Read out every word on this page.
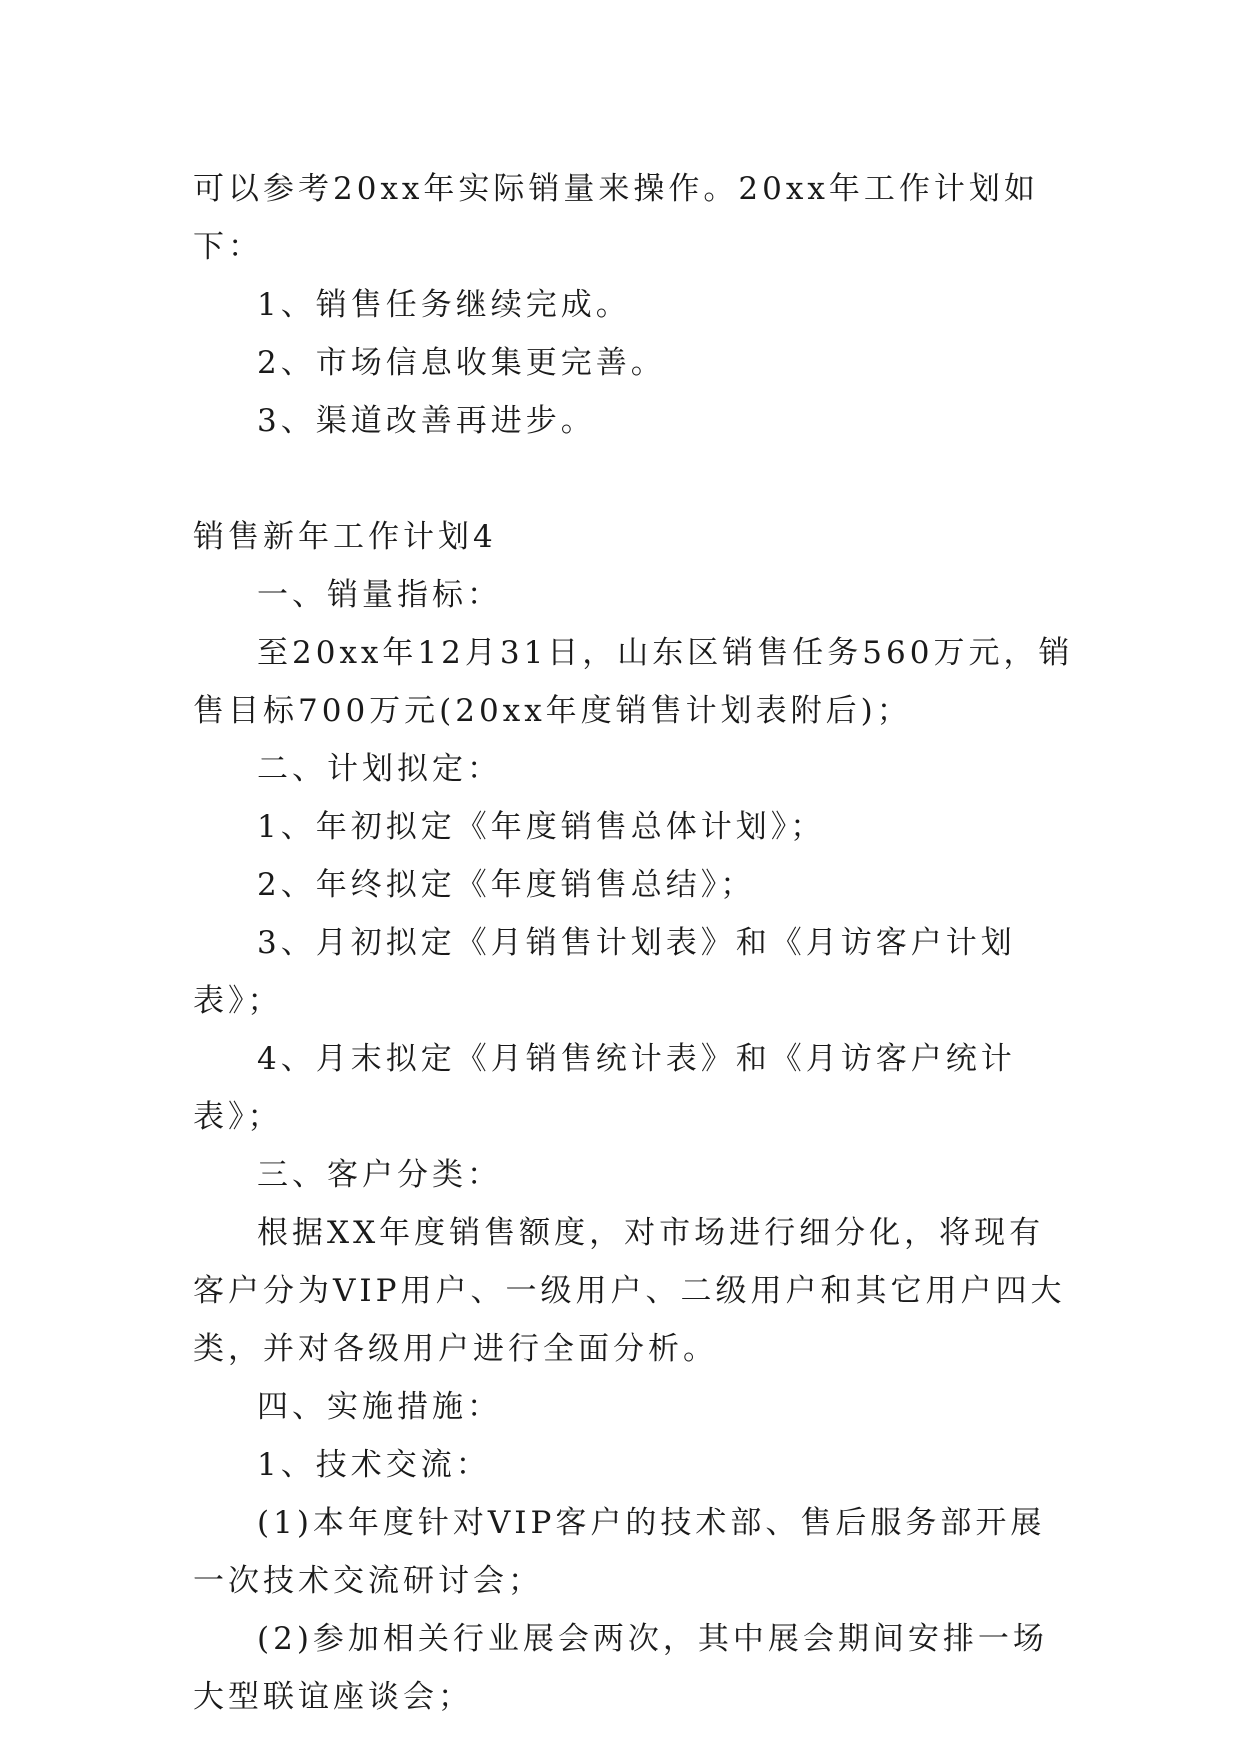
可以参考20xx年实际销量来操作。20xx年工作计划如下：

1、销售任务继续完成。

2、市场信息收集更完善。

3、渠道改善再进步。

销售新年工作计划4

一、销量指标：

至20xx年12月31日，山东区销售任务560万元，销售目标700万元(20xx年度销售计划表附后)；

二、计划拟定：

1、年初拟定《年度销售总体计划》；

2、年终拟定《年度销售总结》；

3、月初拟定《月销售计划表》和《月访客户计划表》；

4、月末拟定《月销售统计表》和《月访客户统计表》；

三、客户分类：

根据XX年度销售额度，对市场进行细分化，将现有客户分为VIP用户、一级用户、二级用户和其它用户四大类，并对各级用户进行全面分析。

四、实施措施：

1、技术交流：

(1)本年度针对VIP客户的技术部、售后服务部开展一次技术交流研讨会；

(2)参加相关行业展会两次，其中展会期间安排一场大型联谊座谈会；
